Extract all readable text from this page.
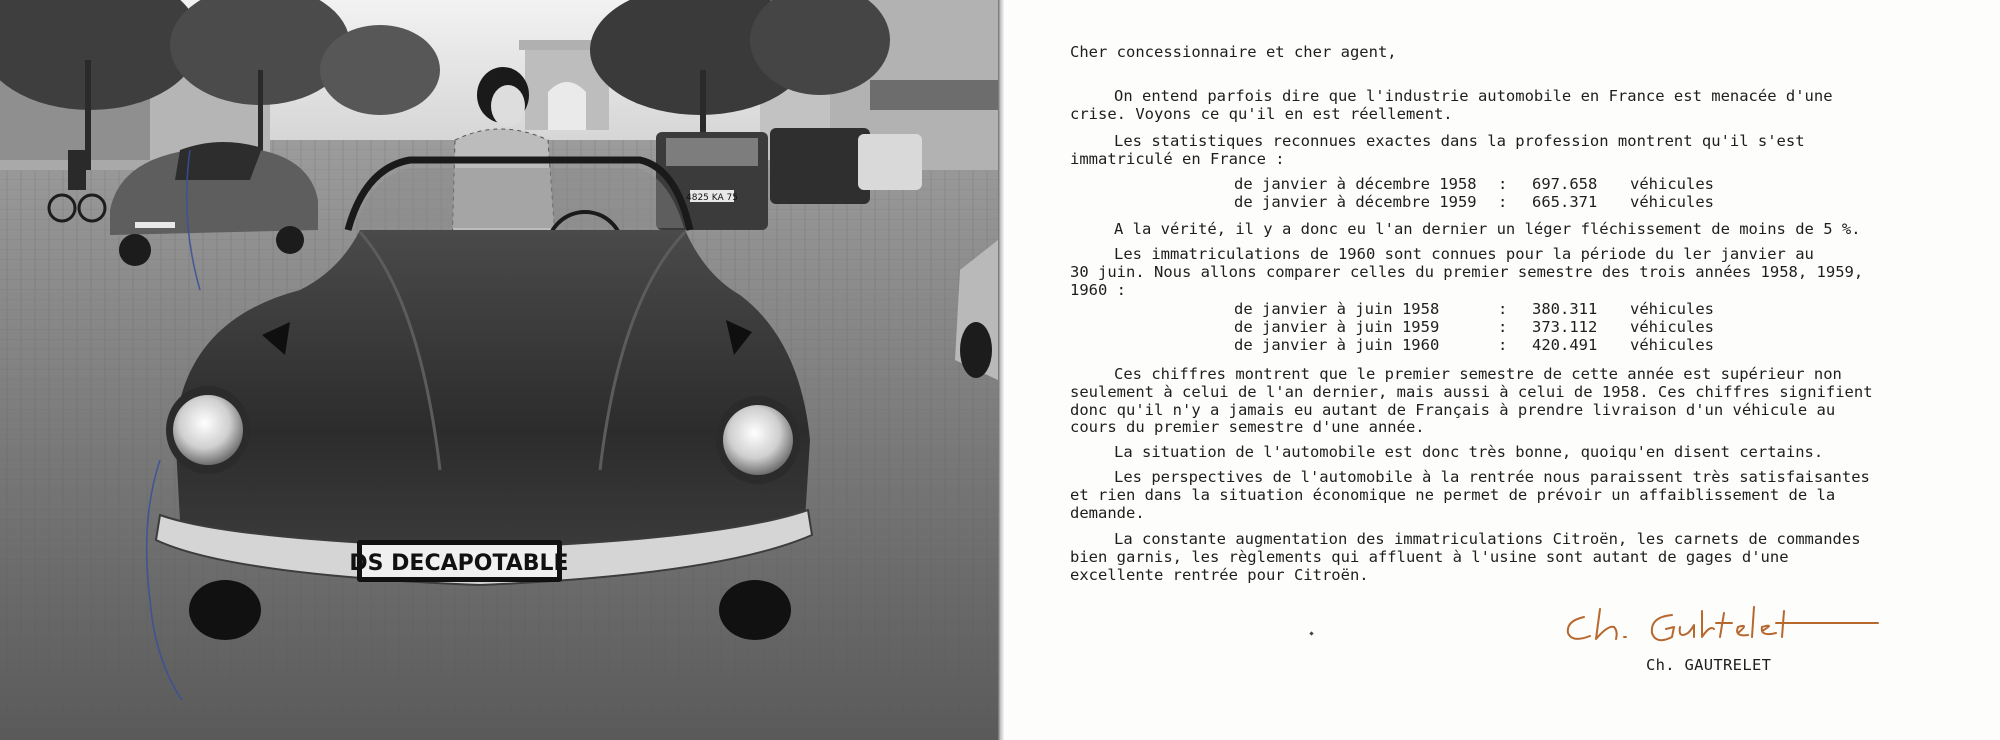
4825 KA 75
DS DECAPOTABLE

Cher concessionnaire et cher agent,

On entend parfois dire que l'industrie automobile en France est menacée d'une
crise. Voyons ce qu'il en est réellement.

Les statistiques reconnues exactes dans la profession montrent qu'il s'est
immatriculé en France :

de janvier à décembre 1958	:	697.658	véhicules
de janvier à décembre 1959	:	665.371	véhicules

A la vérité, il y a donc eu l'an dernier un léger fléchissement de moins de 5 %.

Les immatriculations de 1960 sont connues pour la période du ler janvier au
30 juin. Nous allons comparer celles du premier semestre des trois années 1958, 1959,
1960 :

de janvier à juin 1958	:	380.311	véhicules
de janvier à juin 1959	:	373.112	véhicules
de janvier à juin 1960	:	420.491	véhicules

Ces chiffres montrent que le premier semestre de cette année est supérieur non
seulement à celui de l'an dernier, mais aussi à celui de 1958. Ces chiffres signifient
donc qu'il n'y a jamais eu autant de Français à prendre livraison d'un véhicule au
cours du premier semestre d'une année.

La situation de l'automobile est donc très bonne, quoiqu'en disent certains.

Les perspectives de l'automobile à la rentrée nous paraissent très satisfaisantes
et rien dans la situation économique ne permet de prévoir un affaiblissement de la
demande.

La constante augmentation des immatriculations Citroën, les carnets de commandes
bien garnis, les règlements qui affluent à l'usine sont autant de gages d'une
excellente rentrée pour Citroën.

Ch. GAUTRELET
